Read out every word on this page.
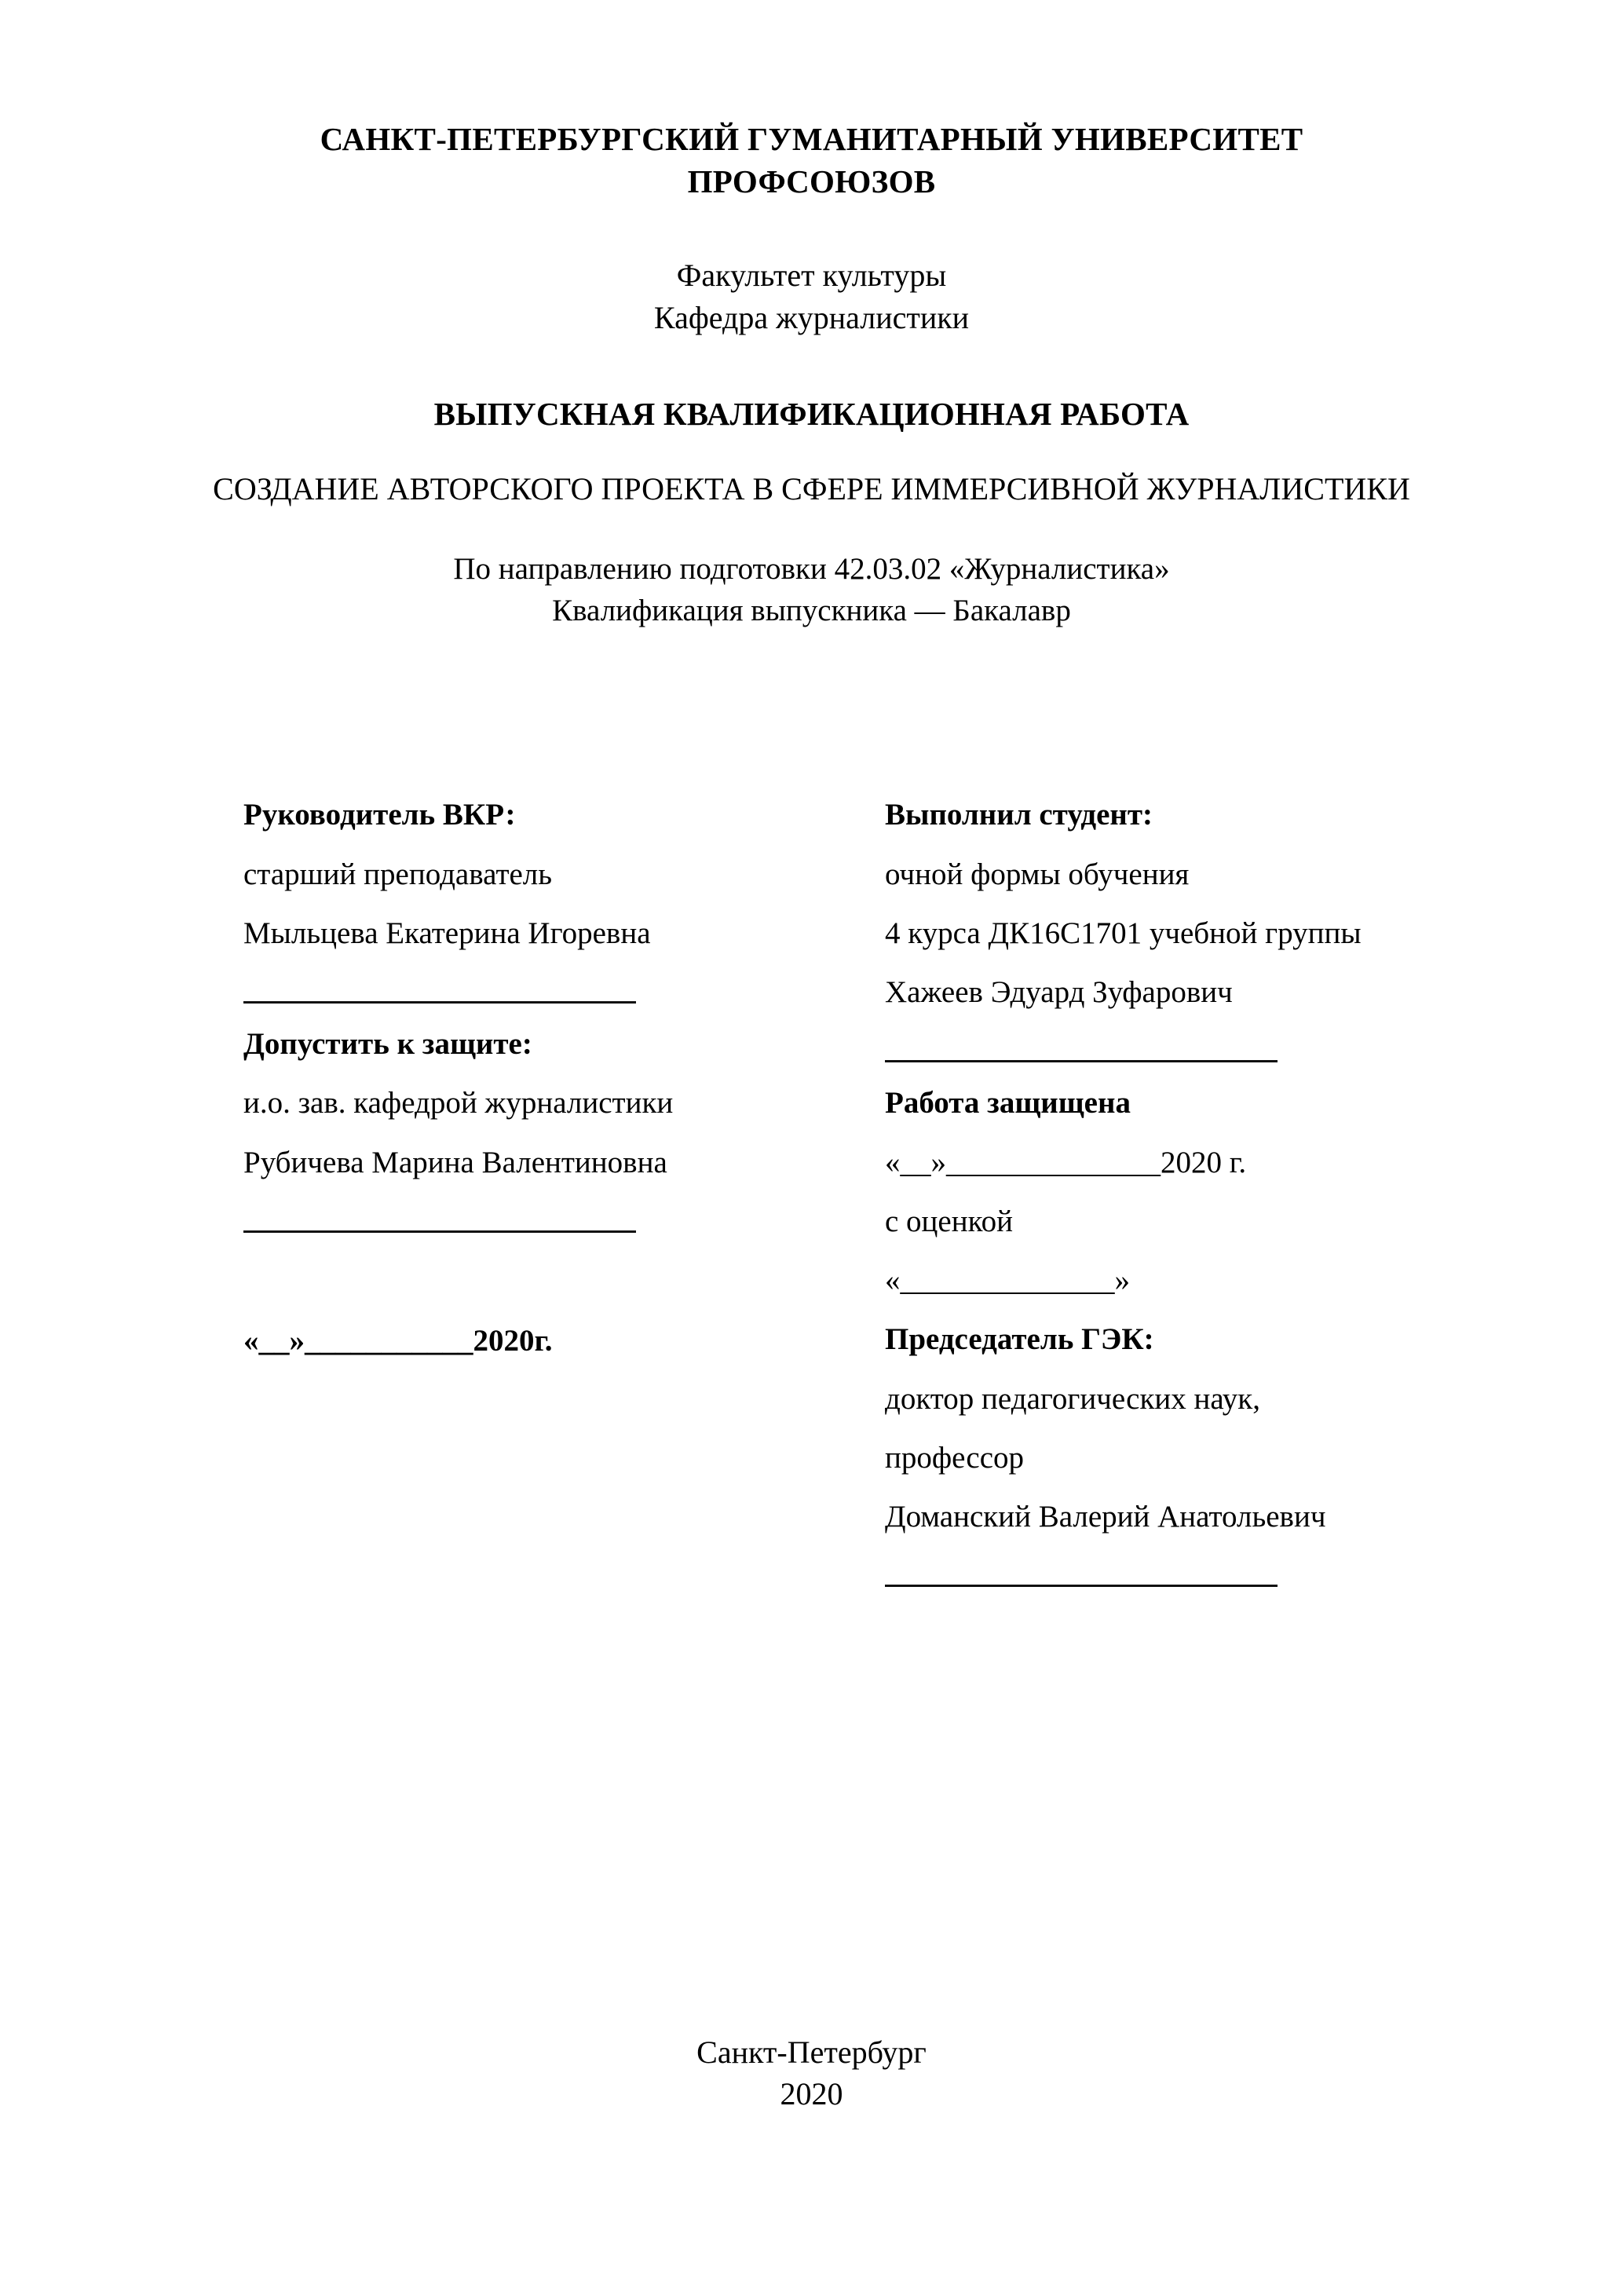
САНКТ-ПЕТЕРБУРГСКИЙ ГУМАНИТАРНЫЙ УНИВЕРСИТЕТ ПРОФСОЮЗОВ
Факультет культуры
Кафедра журналистики
ВЫПУСКНАЯ КВАЛИФИКАЦИОННАЯ РАБОТА
СОЗДАНИЕ АВТОРСКОГО ПРОЕКТА В СФЕРЕ ИММЕРСИВНОЙ ЖУРНАЛИСТИКИ
По направлению подготовки 42.03.02 «Журналистика»
Квалификация выпускника — Бакалавр
Руководитель ВКР:
старший преподаватель
Мыльцева Екатерина Игоревна
Допустить к защите:
и.о. зав. кафедрой журналистики
Рубичева Марина Валентиновна
«__»___________2020г.
Выполнил студент:
очной формы обучения
4 курса ДК16С1701 учебной группы
Хажеев Эдуард Зуфарович
Работа защищена
«__»______________2020 г.
с оценкой
«______________»
Председатель ГЭК:
доктор педагогических наук,
профессор
Доманский Валерий Анатольевич
Санкт-Петербург
2020
